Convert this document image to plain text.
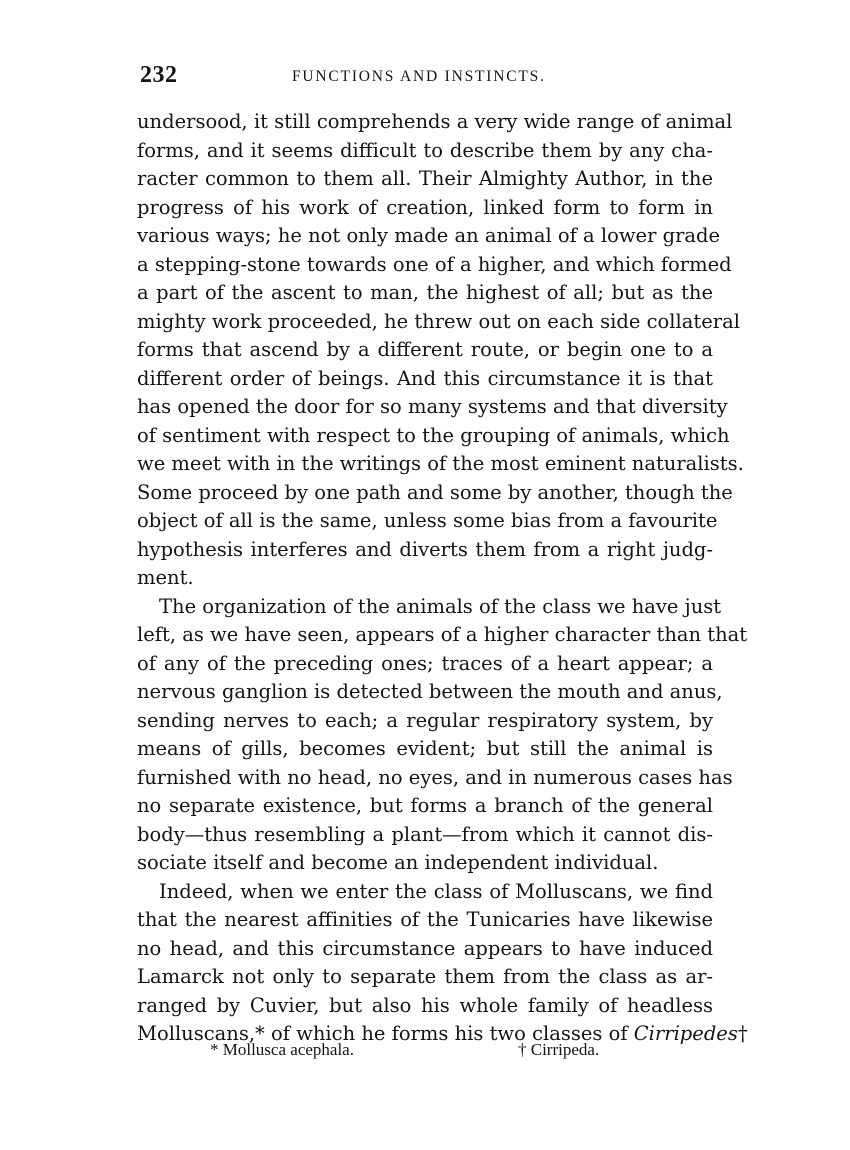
232	FUNCTIONS AND INSTINCTS.
undersood, it still comprehends a very wide range of animal
forms, and it seems difficult to describe them by any cha-
racter common to them all. Their Almighty Author, in the
progress of his work of creation, linked form to form in
various ways; he not only made an animal of a lower grade
a stepping-stone towards one of a higher, and which formed
a part of the ascent to man, the highest of all; but as the
mighty work proceeded, he threw out on each side collateral
forms that ascend by a different route, or begin one to a
different order of beings. And this circumstance it is that
has opened the door for so many systems and that diversity
of sentiment with respect to the grouping of animals, which
we meet with in the writings of the most eminent naturalists.
Some proceed by one path and some by another, though the
object of all is the same, unless some bias from a favourite
hypothesis interferes and diverts them from a right judg-
ment.
The organization of the animals of the class we have just
left, as we have seen, appears of a higher character than that
of any of the preceding ones; traces of a heart appear; a
nervous ganglion is detected between the mouth and anus,
sending nerves to each; a regular respiratory system, by
means of gills, becomes evident; but still the animal is
furnished with no head, no eyes, and in numerous cases has
no separate existence, but forms a branch of the general
body—thus resembling a plant—from which it cannot dis-
sociate itself and become an independent individual.
Indeed, when we enter the class of Molluscans, we find
that the nearest affinities of the Tunicaries have likewise
no head, and this circumstance appears to have induced
Lamarck not only to separate them from the class as ar-
ranged by Cuvier, but also his whole family of headless
Molluscans,* of which he forms his two classes of Cirripedes†
* Mollusca acephala.	† Cirripeda.
